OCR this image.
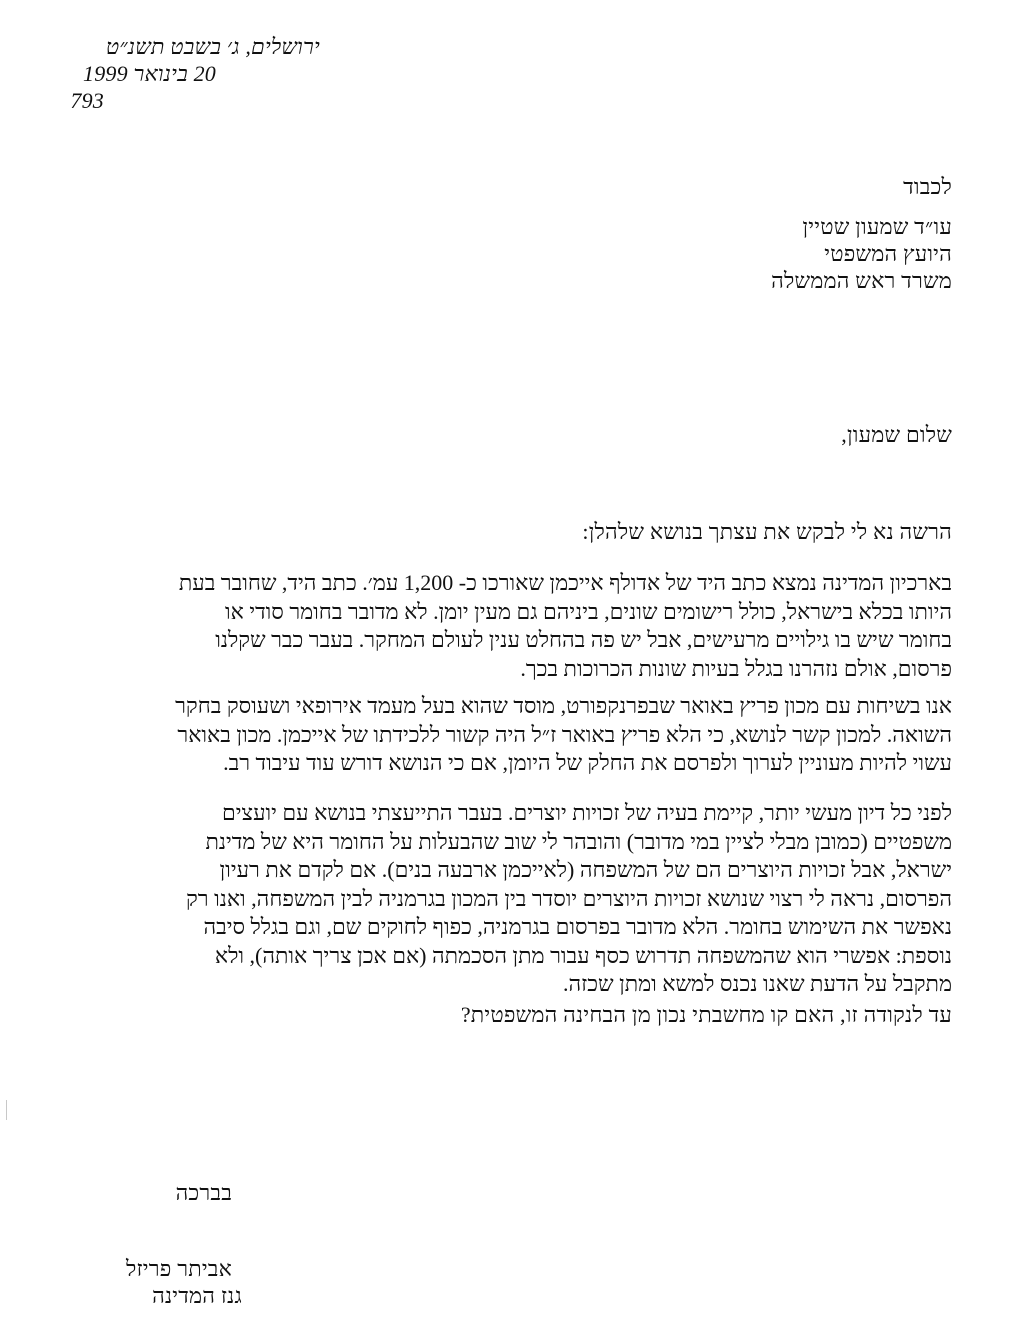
ירושלים, ג׳ בשבט תשנ״ט
20 בינואר 1999
793
לכבוד
עו״ד שמעון שטיין
היועץ המשפטי
משרד ראש הממשלה
שלום שמעון,
הרשה נא לי לבקש את עצתך בנושא שלהלן:
בארכיון המדינה נמצא כתב היד של אדולף אייכמן שאורכו כ- 1,200 עמ׳. כתב היד, שחובר בעת
היותו בכלא בישראל, כולל רישומים שונים, ביניהם גם מעין יומן. לא מדובר בחומר סודי או
בחומר שיש בו גילויים מרעישים, אבל יש פה בהחלט ענין לעולם המחקר. בעבר כבר שקלנו
פרסום, אולם נזהרנו בגלל בעיות שונות הכרוכות בכך.
אנו בשיחות עם מכון פריץ באואר שבפרנקפורט, מוסד שהוא בעל מעמד אירופאי ושעוסק בחקר
השואה. למכון קשר לנושא, כי הלא פריץ באואר ז״ל היה קשור ללכידתו של אייכמן. מכון באואר
עשוי להיות מעוניין לערוך ולפרסם את החלק של היומן, אם כי הנושא דורש עוד עיבוד רב.
לפני כל דיון מעשי יותר, קיימת בעיה של זכויות יוצרים. בעבר התייעצתי בנושא עם יועצים
משפטיים (כמובן מבלי לציין במי מדובר) והובהר לי שוב שהבעלות על החומר היא של מדינת
ישראל, אבל זכויות היוצרים הם של המשפחה (לאייכמן ארבעה בנים). אם לקדם את רעיון
הפרסום, נראה לי רצוי שנושא זכויות היוצרים יוסדר בין המכון בגרמניה לבין המשפחה, ואנו רק
נאפשר את השימוש בחומר. הלא מדובר בפרסום בגרמניה, כפוף לחוקים שם, וגם בגלל סיבה
נוספת: אפשרי הוא שהמשפחה תדרוש כסף עבור מתן הסכמתה (אם אכן צריך אותה), ולא
מתקבל על הדעת שאנו נכנס למשא ומתן שכזה.
עד לנקודה זו, האם קו מחשבתי נכון מן הבחינה המשפטית?
בברכה
אביתר פריזל
גנז המדינה
